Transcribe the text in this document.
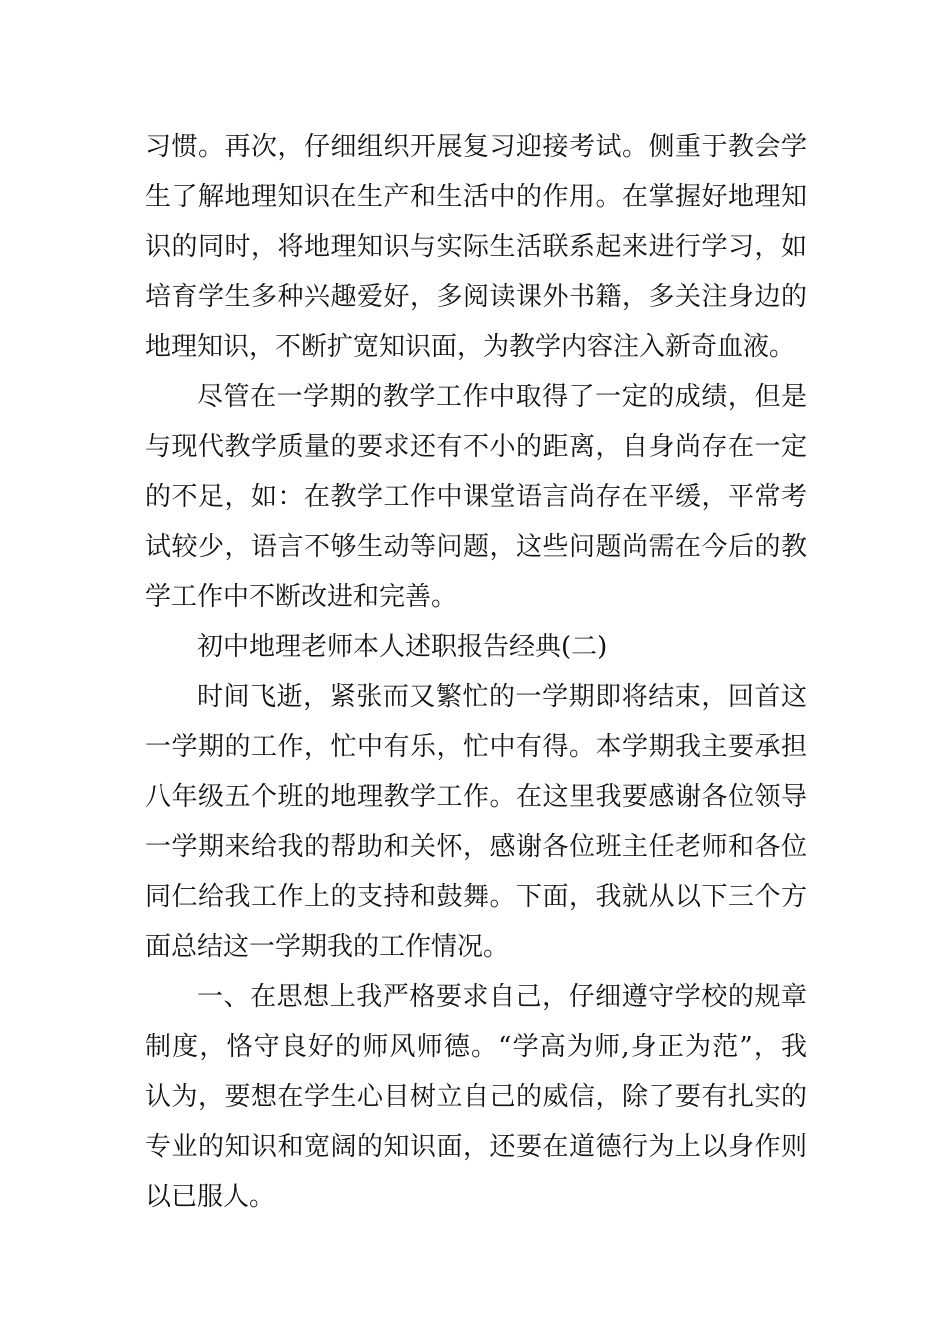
习惯。再次，仔细组织开展复习迎接考试。侧重于教会学
生了解地理知识在生产和生活中的作用。在掌握好地理知
识的同时，将地理知识与实际生活联系起来进行学习，如
培育学生多种兴趣爱好，多阅读课外书籍，多关注身边的
地理知识，不断扩宽知识面，为教学内容注入新奇血液。
尽管在一学期的教学工作中取得了一定的成绩，但是
与现代教学质量的要求还有不小的距离，自身尚存在一定
的不足，如：在教学工作中课堂语言尚存在平缓，平常考
试较少，语言不够生动等问题，这些问题尚需在今后的教
学工作中不断改进和完善。
初中地理老师本人述职报告经典(二)
时间飞逝，紧张而又繁忙的一学期即将结束，回首这
一学期的工作，忙中有乐，忙中有得。本学期我主要承担
八年级五个班的地理教学工作。在这里我要感谢各位领导
一学期来给我的帮助和关怀，感谢各位班主任老师和各位
同仁给我工作上的支持和鼓舞。下面，我就从以下三个方
面总结这一学期我的工作情况。
一、在思想上我严格要求自己，仔细遵守学校的规章
制度，恪守良好的师风师德。“学高为师,身正为范”，我
认为，要想在学生心目树立自己的威信，除了要有扎实的
专业的知识和宽阔的知识面，还要在道德行为上以身作则
以已服人。
